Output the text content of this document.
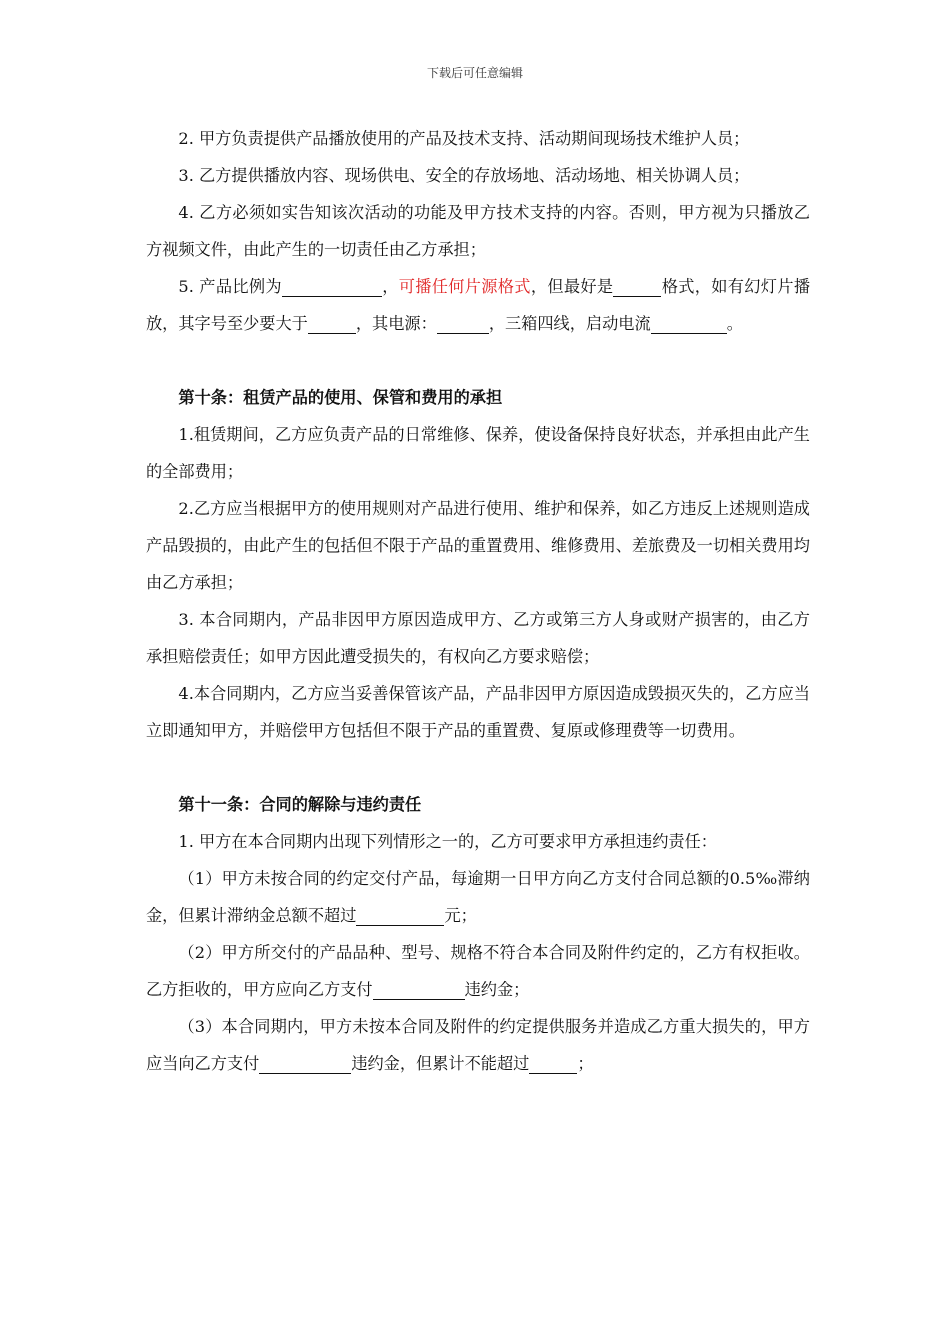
下载后可任意编辑

2. 甲方负责提供产品播放使用的产品及技术支持、活动期间现场技术维护人员；

3. 乙方提供播放内容、现场供电、安全的存放场地、活动场地、相关协调人员；

4. 乙方必须如实告知该次活动的功能及甲方技术支持的内容。否则，甲方视为只播放乙方视频文件，由此产生的一切责任由乙方承担；

5. 产品比例为	，可播任何片源格式，但最好是	格式，如有幻灯片播放，其字号至少要大于	，其电源：	，三箱四线，启动电流	。

第十条：租赁产品的使用、保管和费用的承担

1.租赁期间，乙方应负责产品的日常维修、保养，使设备保持良好状态，并承担由此产生的全部费用；

2.乙方应当根据甲方的使用规则对产品进行使用、维护和保养，如乙方违反上述规则造成产品毁损的，由此产生的包括但不限于产品的重置费用、维修费用、差旅费及一切相关费用均由乙方承担；

3. 本合同期内，产品非因甲方原因造成甲方、乙方或第三方人身或财产损害的，由乙方承担赔偿责任；如甲方因此遭受损失的，有权向乙方要求赔偿；

4.本合同期内，乙方应当妥善保管该产品，产品非因甲方原因造成毁损灭失的，乙方应当立即通知甲方，并赔偿甲方包括但不限于产品的重置费、复原或修理费等一切费用。

第十一条：合同的解除与违约责任

1. 甲方在本合同期内出现下列情形之一的，乙方可要求甲方承担违约责任：

（1）甲方未按合同的约定交付产品，每逾期一日甲方向乙方支付合同总额的0.5‰滞纳金，但累计滞纳金总额不超过	元；

（2）甲方所交付的产品品种、型号、规格不符合本合同及附件约定的，乙方有权拒收。乙方拒收的，甲方应向乙方支付	违约金；

（3）本合同期内，甲方未按本合同及附件的约定提供服务并造成乙方重大损失的，甲方应当向乙方支付	违约金，但累计不能超过	；
